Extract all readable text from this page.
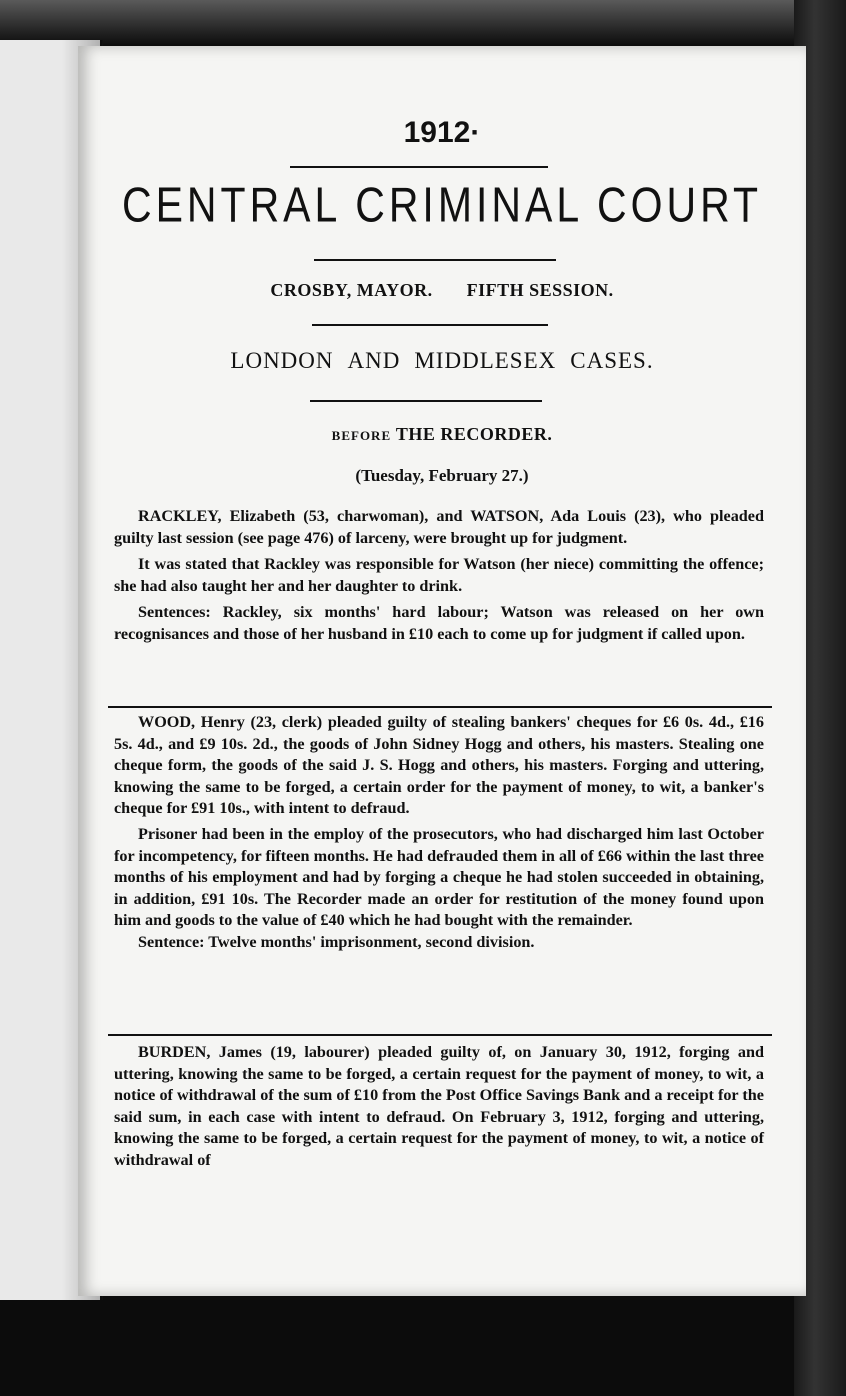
1912·
CENTRAL CRIMINAL COURT
CROSBY, MAYOR. FIFTH SESSION.
LONDON AND MIDDLESEX CASES.
BEFORE THE RECORDER.
(Tuesday, February 27.)

RACKLEY, Elizabeth (53, charwoman), and WATSON, Ada Louis (23), who pleaded guilty last session (see page 476) of larceny, were brought up for judgment.

It was stated that Rackley was responsible for Watson (her niece) committing the offence; she had also taught her and her daughter to drink.

Sentences: Rackley, six months' hard labour; Watson was released on her own recognisances and those of her husband in £10 each to come up for judgment if called upon.

WOOD, Henry (23, clerk) pleaded guilty of stealing bankers' cheques for £6 0s. 4d., £16 5s. 4d., and £9 10s. 2d., the goods of John Sidney Hogg and others, his masters. Stealing one cheque form, the goods of the said J. S. Hogg and others, his masters. Forging and uttering, knowing the same to be forged, a certain order for the payment of money, to wit, a banker's cheque for £91 10s., with intent to defraud.

Prisoner had been in the employ of the prosecutors, who had discharged him last October for incompetency, for fifteen months. He had defrauded them in all of £66 within the last three months of his employment and had by forging a cheque he had stolen succeeded in obtaining, in addition, £91 10s. The Recorder made an order for restitution of the money found upon him and goods to the value of £40 which he had bought with the remainder.

Sentence: Twelve months' imprisonment, second division.

BURDEN, James (19, labourer) pleaded guilty of, on January 30, 1912, forging and uttering, knowing the same to be forged, a certain request for the payment of money, to wit, a notice of withdrawal of the sum of £10 from the Post Office Savings Bank and a receipt for the said sum, in each case with intent to defraud. On February 3, 1912, forging and uttering, knowing the same to be forged, a certain request for the payment of money, to wit, a notice of withdrawal of
